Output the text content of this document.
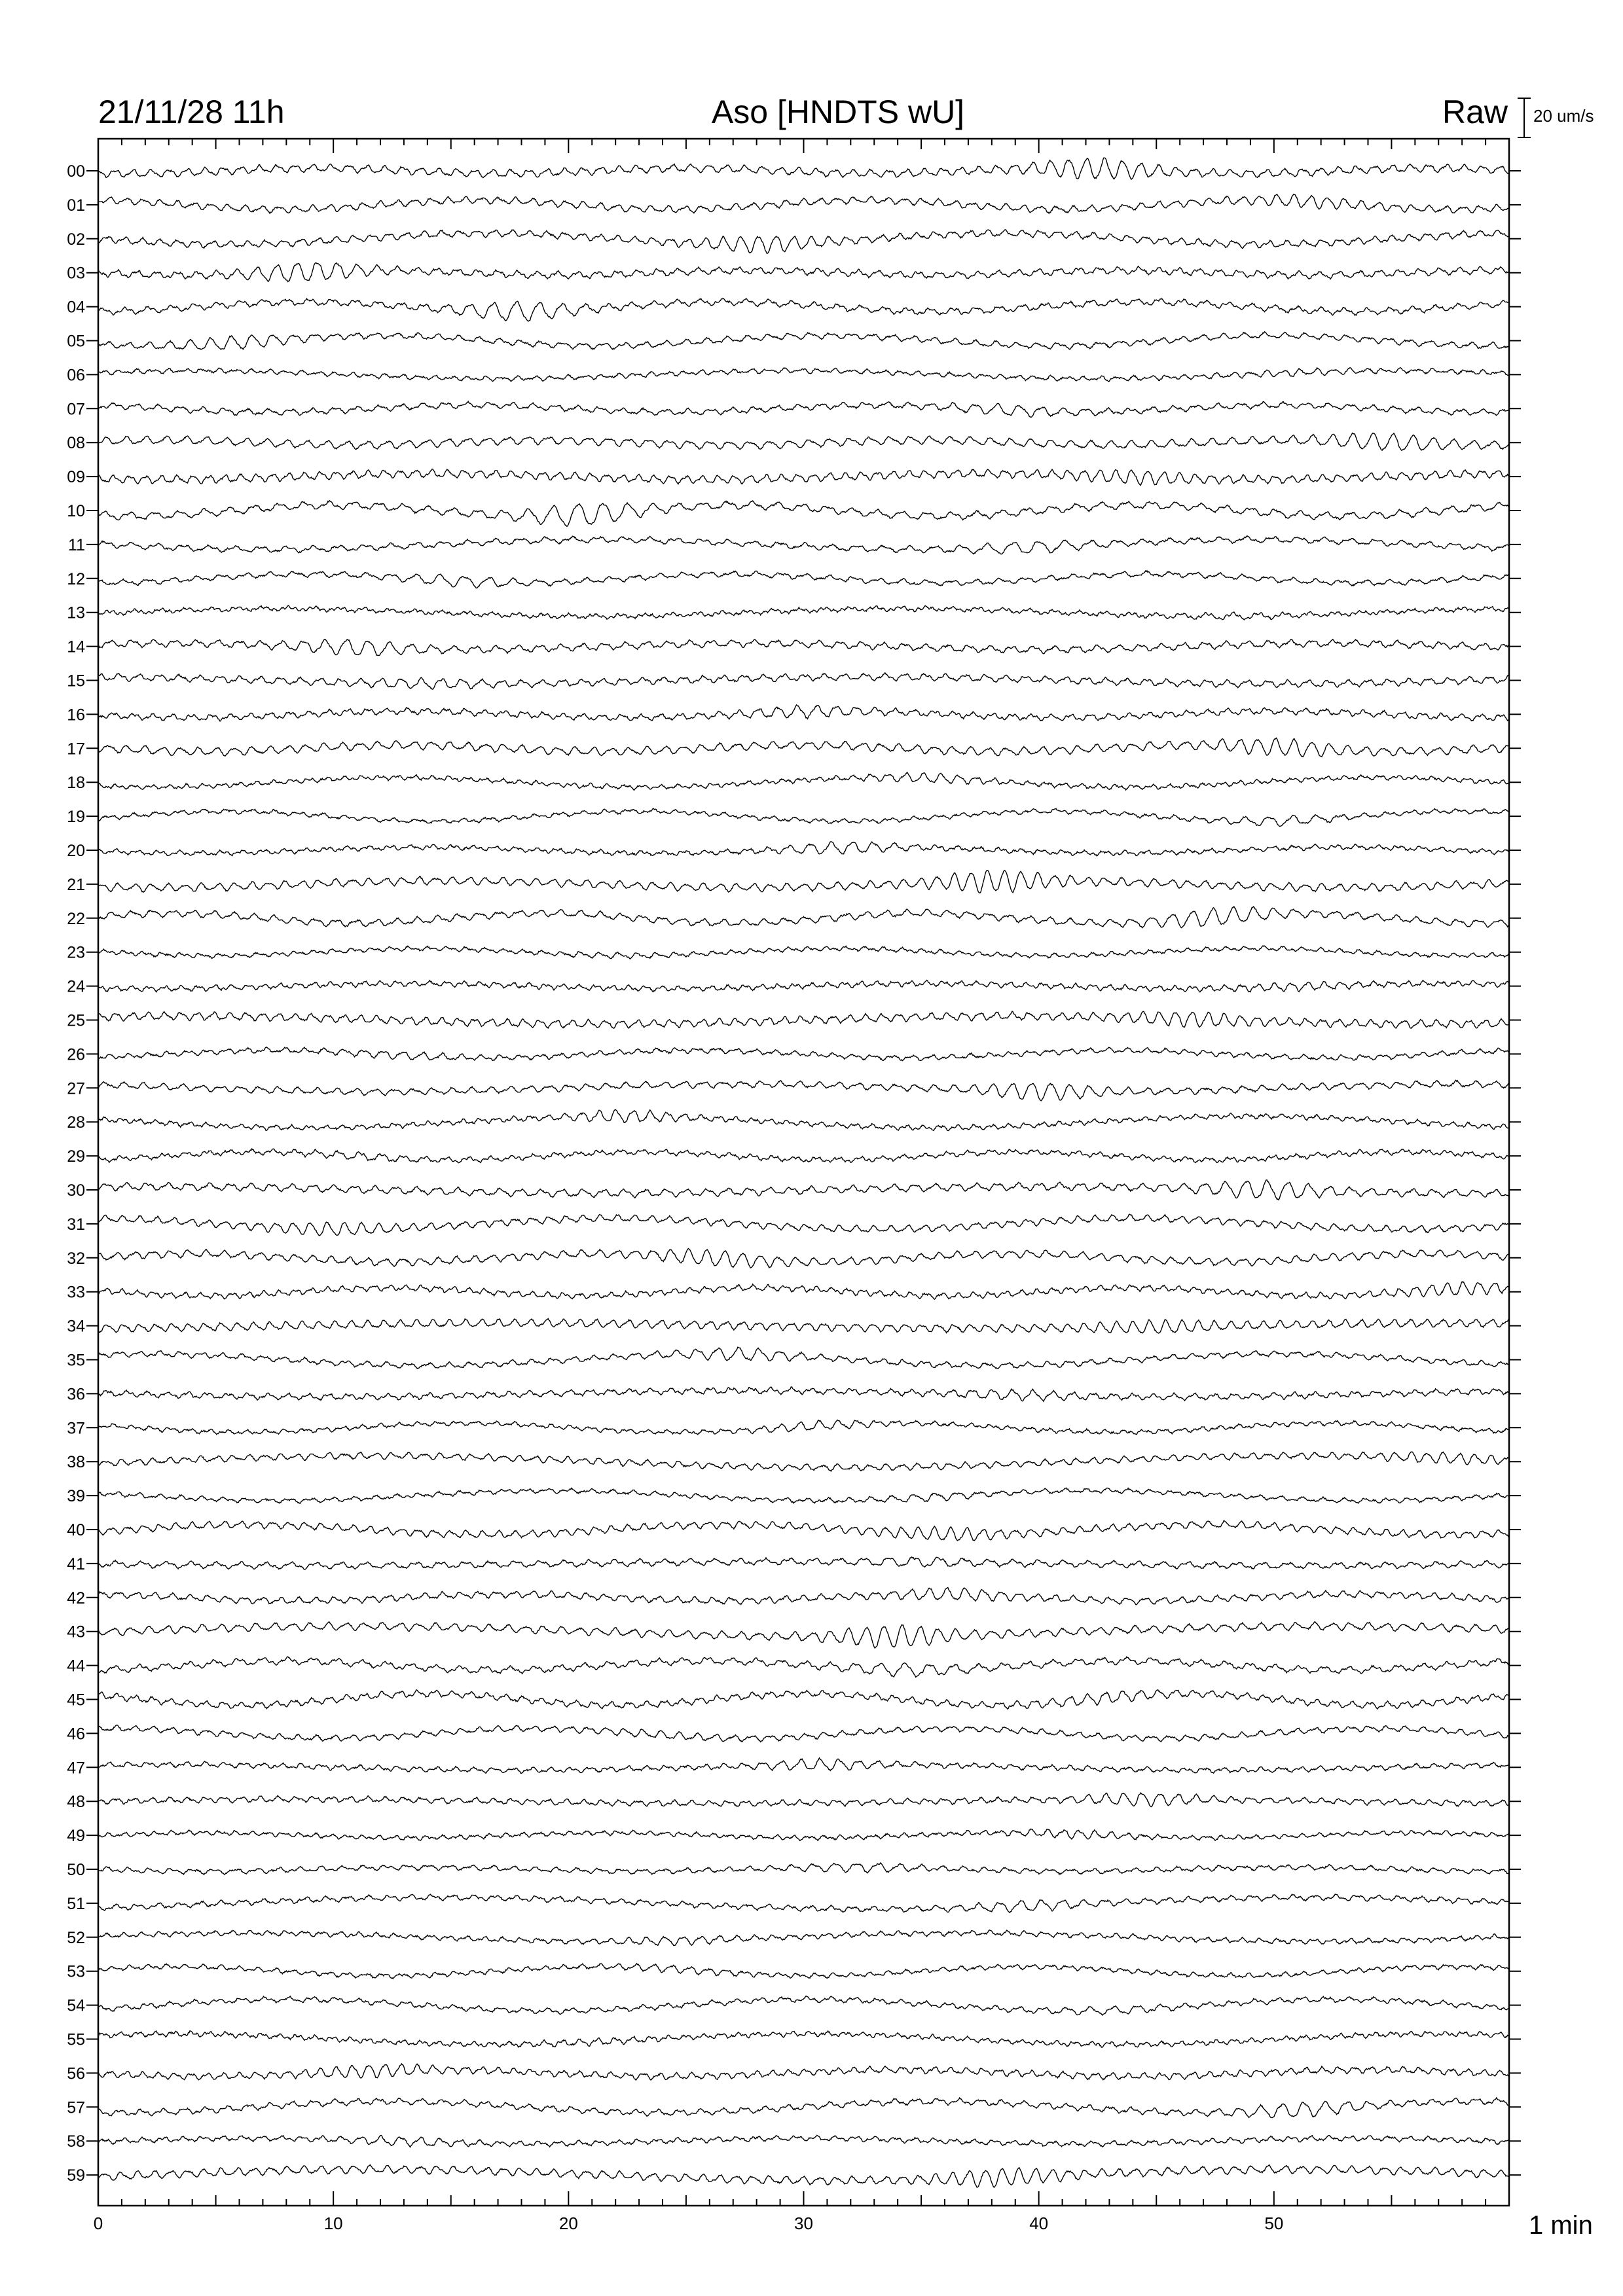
21/11/28 11h	Aso [HNDTS wU]	Raw 20 um/s
1 min
0	10	20	30	40	50
00
01
02
03
04
05
06
07
08
09
10
11
12
13
14
15
16
17
18
19
20
21
22
23
24
25
26
27
28
29
30
31
32
33
34
35
36
37
38
39
40
41
42
43
44
45
46
47
48
49
50
51
52
53
54
55
56
57
58
59
